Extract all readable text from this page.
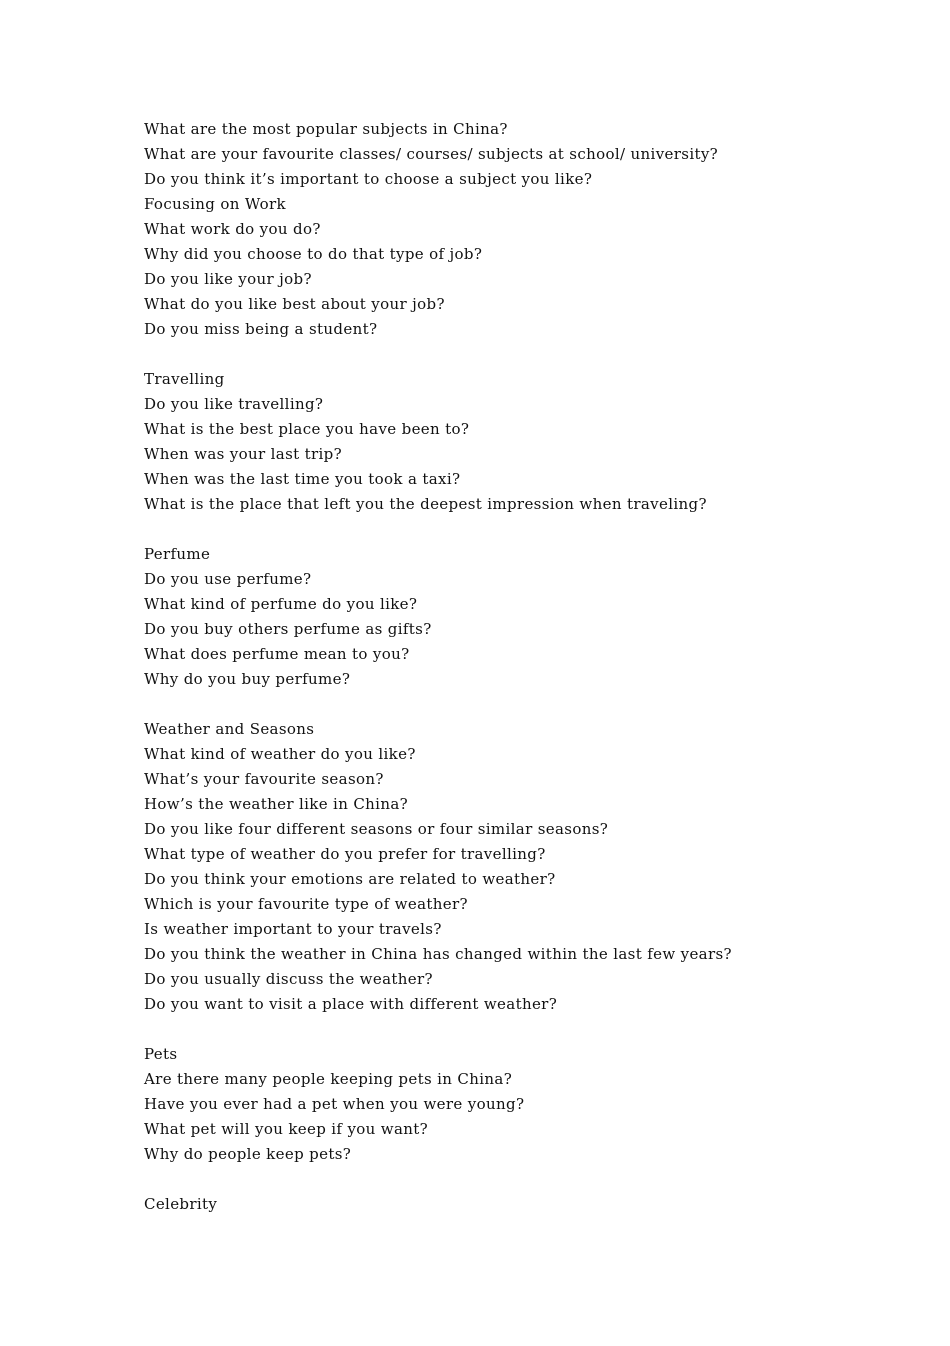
What are the most popular subjects in China?
What are your favourite classes/ courses/ subjects at school/ university?
Do you think it’s important to choose a subject you like?
Focusing on Work
What work do you do?
Why did you choose to do that type of job?
Do you like your job?
What do you like best about your job?
Do you miss being a student?
Travelling
Do you like travelling?
What is the best place you have been to?
When was your last trip?
When was the last time you took a taxi?
What is the place that left you the deepest impression when traveling?
Perfume
Do you use perfume?
What kind of perfume do you like?
Do you buy others perfume as gifts?
What does perfume mean to you?
Why do you buy perfume?
Weather and Seasons
What kind of weather do you like?
What’s your favourite season?
How’s the weather like in China?
Do you like four different seasons or four similar seasons?
What type of weather do you prefer for travelling?
Do you think your emotions are related to weather?
Which is your favourite type of weather?
Is weather important to your travels?
Do you think the weather in China has changed within the last few years?
Do you usually discuss the weather?
Do you want to visit a place with different weather?
Pets
Are there many people keeping pets in China?
Have you ever had a pet when you were young?
What pet will you keep if you want?
Why do people keep pets?
Celebrity
